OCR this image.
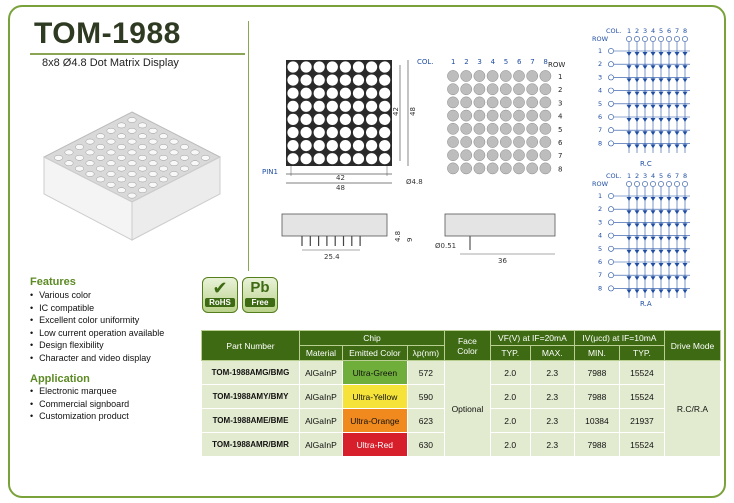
TOM-1988
8x8 Ø4.8 Dot Matrix Display
42
48
42 48
PIN1
Ø4.8
COL.	ROW
1 2 3 4 5 6 7 8
1
2
3
4
5
6
7
8
25.4
4.8 9
Ø0.51
36
COL.
ROW
1 2 3 4 5 6 7 8
1
2
3
4
5
6
7
8
R.C
COL.
ROW
1 2 3 4 5 6 7 8
1
2
3
4
5
6
7
8
R.A
Features
• Various color
• IC compatible
• Excellent color uniformity
• Low current operation available
• Design flexibility
• Character and video display
Application
• Electronic marquee
• Commercial signboard
• Customization product
✔
RoHS
Pb
Free
Part Number	Chip			Face Color	VF(V) at IF=20mA		IV(μcd) at IF=10mA		Drive Mode
	Material	Emitted Color	λp(nm)		TYP.	MAX.	MIN.	TYP.	
TOM-1988AMG/BMG	AlGaInP	Ultra-Green	572	Optional	2.0	2.3	7988	15524	R.C/R.A
TOM-1988AMY/BMY	AlGaInP	Ultra-Yellow	590		2.0	2.3	7988	15524	
TOM-1988AME/BME	AlGaInP	Ultra-Orange	623		2.0	2.3	10384	21937	
TOM-1988AMR/BMR	AlGaInP	Ultra-Red	630		2.0	2.3	7988	15524	
